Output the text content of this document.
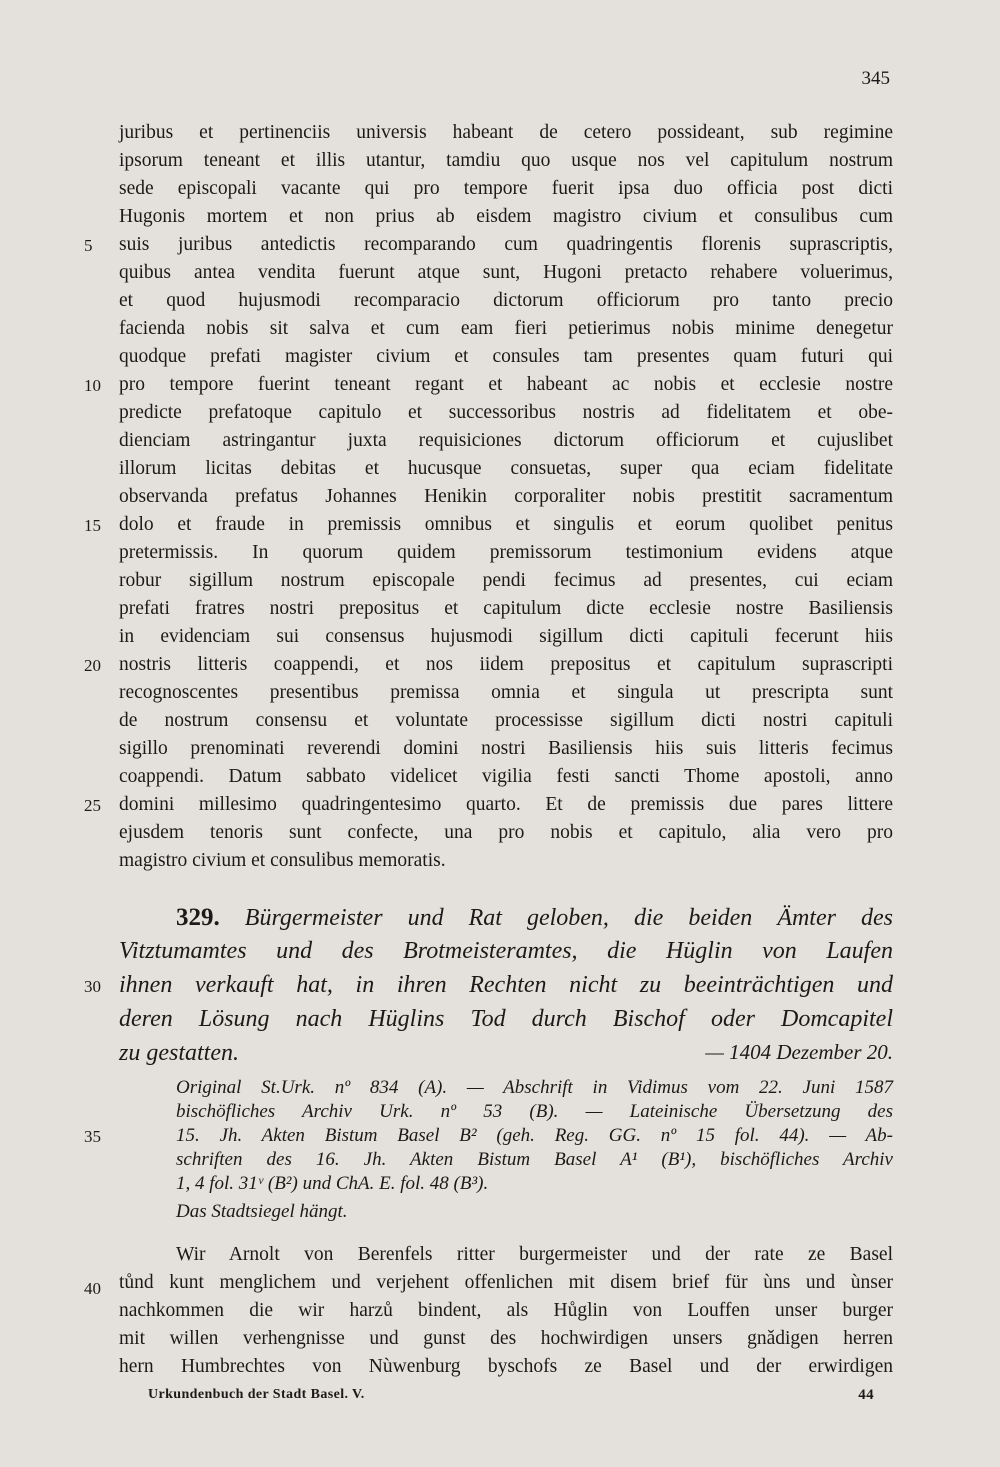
345
juribus et pertinenciis universis habeant de cetero possideant, sub regimine
ipsorum teneant et illis utantur, tamdiu quo usque nos vel capitulum nostrum
sede episcopali vacante qui pro tempore fuerit ipsa duo officia post dicti
Hugonis mortem et non prius ab eisdem magistro civium et consulibus cum
suis juribus antedictis recomparando cum quadringentis florenis suprascriptis,
quibus antea vendita fuerunt atque sunt, Hugoni pretacto rehabere voluerimus,
et quod hujusmodi recomparacio dictorum officiorum pro tanto precio
facienda nobis sit salva et cum eam fieri petierimus nobis minime denegetur
quodque prefati magister civium et consules tam presentes quam futuri qui
pro tempore fuerint teneant regant et habeant ac nobis et ecclesie nostre
predicte prefatoque capitulo et successoribus nostris ad fidelitatem et obe-
dienciam astringantur juxta requisiciones dictorum officiorum et cujuslibet
illorum licitas debitas et hucusque consuetas, super qua eciam fidelitate
observanda prefatus Johannes Henikin corporaliter nobis prestitit sacramentum
dolo et fraude in premissis omnibus et singulis et eorum quolibet penitus
pretermissis. In quorum quidem premissorum testimonium evidens atque
robur sigillum nostrum episcopale pendi fecimus ad presentes, cui eciam
prefati fratres nostri prepositus et capitulum dicte ecclesie nostre Basiliensis
in evidenciam sui consensus hujusmodi sigillum dicti capituli fecerunt hiis
nostris litteris coappendi, et nos iidem prepositus et capitulum suprascripti
recognoscentes presentibus premissa omnia et singula ut prescripta sunt
de nostrum consensu et voluntate processisse sigillum dicti nostri capituli
sigillo prenominati reverendi domini nostri Basiliensis hiis suis litteris fecimus
coappendi. Datum sabbato videlicet vigilia festi sancti Thome apostoli, anno
domini millesimo quadringentesimo quarto. Et de premissis due pares littere
ejusdem tenoris sunt confecte, una pro nobis et capitulo, alia vero pro
magistro civium et consulibus memoratis.
5
10
15
20
25
30
35
40
329. Bürgermeister und Rat geloben, die beiden Ämter des
Vitztumamtes und des Brotmeisteramtes, die Hüglin von Laufen
ihnen verkauft hat, in ihren Rechten nicht zu beeinträchtigen und
deren Lösung nach Hüglins Tod durch Bischof oder Domcapitel
zu gestatten.	— 1404 Dezember 20.
Original St.Urk. nº 834 (A). — Abschrift in Vidimus vom 22. Juni 1587
bischöfliches Archiv Urk. nº 53 (B). — Lateinische Übersetzung des
15. Jh. Akten Bistum Basel B² (geh. Reg. GG. nº 15 fol. 44). — Ab-
schriften des 16. Jh. Akten Bistum Basel A¹ (B¹), bischöfliches Archiv
1, 4 fol. 31ᵛ (B²) und ChA. E. fol. 48 (B³).
Das Stadtsiegel hängt.
Wir Arnolt von Berenfels ritter burgermeister und der rate ze Basel
tůnd kunt menglichem und verjehent offenlichen mit disem brief für ùns und ùnser
nachkommen die wir harzů bindent, als Hůglin von Louffen unser burger
mit willen verhengnisse und gunst des hochwirdigen unsers gnǎdigen herren
hern Humbrechtes von Nùwenburg byschofs ze Basel und der erwirdigen
Urkundenbuch der Stadt Basel. V.	44
